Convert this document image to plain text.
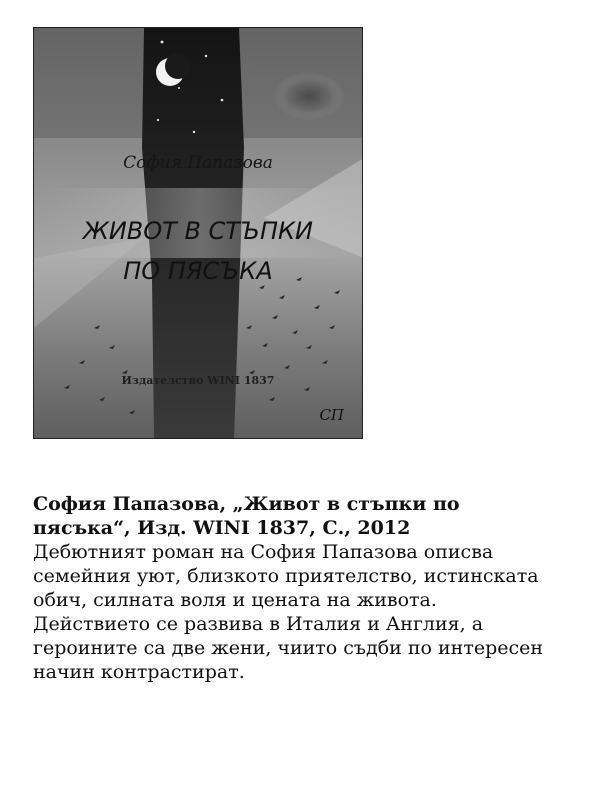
София Папазова
ЖИВОТ В СТЪПКИ
ПО ПЯСЪКА
Издателство WINI 1837
СП
София Папазова, „Живот в стъпки по пясъка“, Изд. WINI 1837, С., 2012
Дебютният роман на София Папазова описва семейния уют, близкото приятелство, истинската обич, силната воля и цената на живота. Действието се развива в Италия и Англия, а героините са две жени, чиито съдби по интересен начин контрастират.
